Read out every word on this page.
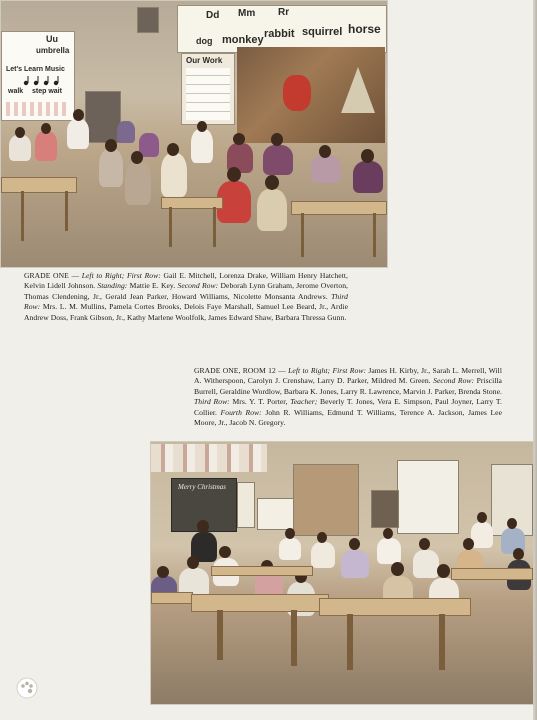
Uu
umbrella
Let's Learn Music
walk step wait
Dd Mm Rr
dog monkey rabbit squirrel horse
Our Work
GRADE ONE — Left to Right; First Row: Gail E. Mitchell, Lorenza Drake, William Henry Hatchett, Kelvin Lidell Johnson. Standing: Mattie E. Key. Second Row: Deborah Lynn Graham, Jerome Overton, Thomas Clendening, Jr., Gerald Jean Parker, Howard Williams, Nicolette Monsanta Andrews. Third Row: Mrs. L. M. Mullins, Pamela Cortes Brooks, Delois Faye Marshall, Samuel Lee Beard, Jr., Ardie Andrew Doss, Frank Gibson, Jr., Kathy Marlene Woolfolk, James Edward Shaw, Barbara Thressa Gunn.
GRADE ONE, ROOM 12 — Left to Right; First Row: James H. Kirby, Jr., Sarah L. Merrell, Will A. Witherspoon, Carolyn J. Crenshaw, Larry D. Parker, Mildred M. Green. Second Row: Priscilla Burrell, Geraldine Wordlow, Barbara K. Jones, Larry R. Lawrence, Marvin J. Parker, Brenda Stone. Third Row: Mrs. Y. T. Porter, Teacher; Beverly T. Jones, Vera E. Simpson, Paul Joyner, Larry T. Collier. Fourth Row: John R. Williams, Edmund T. Williams, Terence A. Jackson, James Lee Moore, Jr., Jacob N. Gregory.
Merry Christmas
